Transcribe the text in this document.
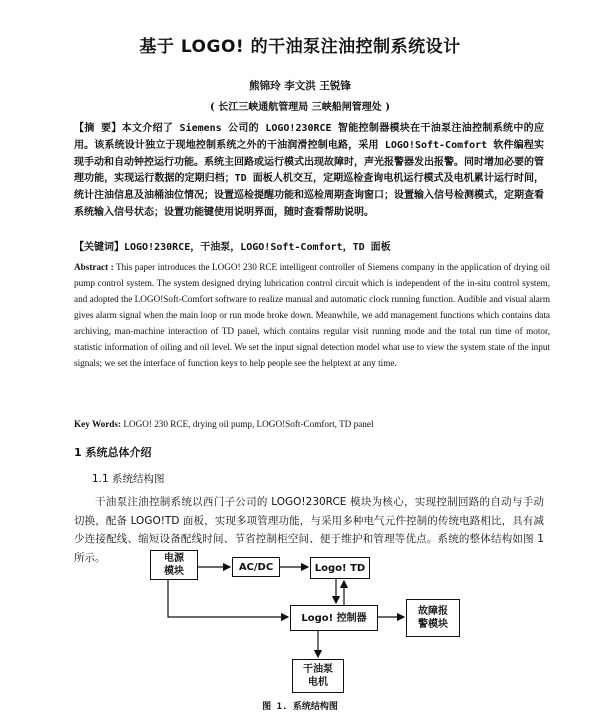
基于 LOGO! 的干油泵注油控制系统设计
熊锦玲 李文洪 王锐锋
( 长江三峡通航管理局 三峡船闸管理处 )
【摘 要】本文介绍了 Siemens 公司的 LOGO!230RCE 智能控制器模块在干油泵注油控制系统中的应用。该系统设计独立于现地控制系统之外的干油润滑控制电路，采用 LOGO!Soft-Comfort 软件编程实现手动和自动钟控运行功能。系统主回路或运行模式出现故障时，声光报警器发出报警。同时增加必要的管理功能，实现运行数据的定期归档；TD 面板人机交互，定期巡检查询电机运行模式及电机累计运行时间，统计注油信息及油桶油位情况；设置巡检提醒功能和巡检周期查询窗口；设置输入信号检测模式，定期查看系统输入信号状态；设置功能键使用说明界面，随时查看帮助说明。
【关键词】LOGO!230RCE，干油泵，LOGO!Soft-Comfort，TD 面板
Abstract : This paper introduces the LOGO! 230 RCE intelligent controller of Siemens company in the application of drying oil pump control system. The system designed drying lubrication control circuit which is independent of the in-situ control system, and adopted the LOGO!Soft-Comfort software to realize manual and automatic clock running function. Audible and visual alarm gives alarm signal when the main loop or run mode broke down. Meanwhile, we add management functions which contains data archiving, man-machine interaction of TD panel, which contains regular visit running mode and the total run time of motor, statistic information of oiling and oil level. We set the input signal detection model what use to view the system state of the input signals; we set the interface of function keys to help people see the helptext at any time.
Key Words: LOGO! 230 RCE, drying oil pump, LOGO!Soft-Comfort, TD panel
1 系统总体介绍
1.1 系统结构图
干油泵注油控制系统以西门子公司的 LOGO!230RCE 模块为核心，实现控制回路的自动与手动切换，配备 LOGO!TD 面板，实现多项管理功能，与采用多种电气元件控制的传统电路相比，具有减少连接配线、缩短设备配线时间、节省控制柜空间、便于维护和管理等优点。系统的整体结构如图 1 所示。	电源
模块	AC/DC	Logo! TD
Logo! 控制器
故障报
警模块
干油泵
电机
图 1. 系统结构图
